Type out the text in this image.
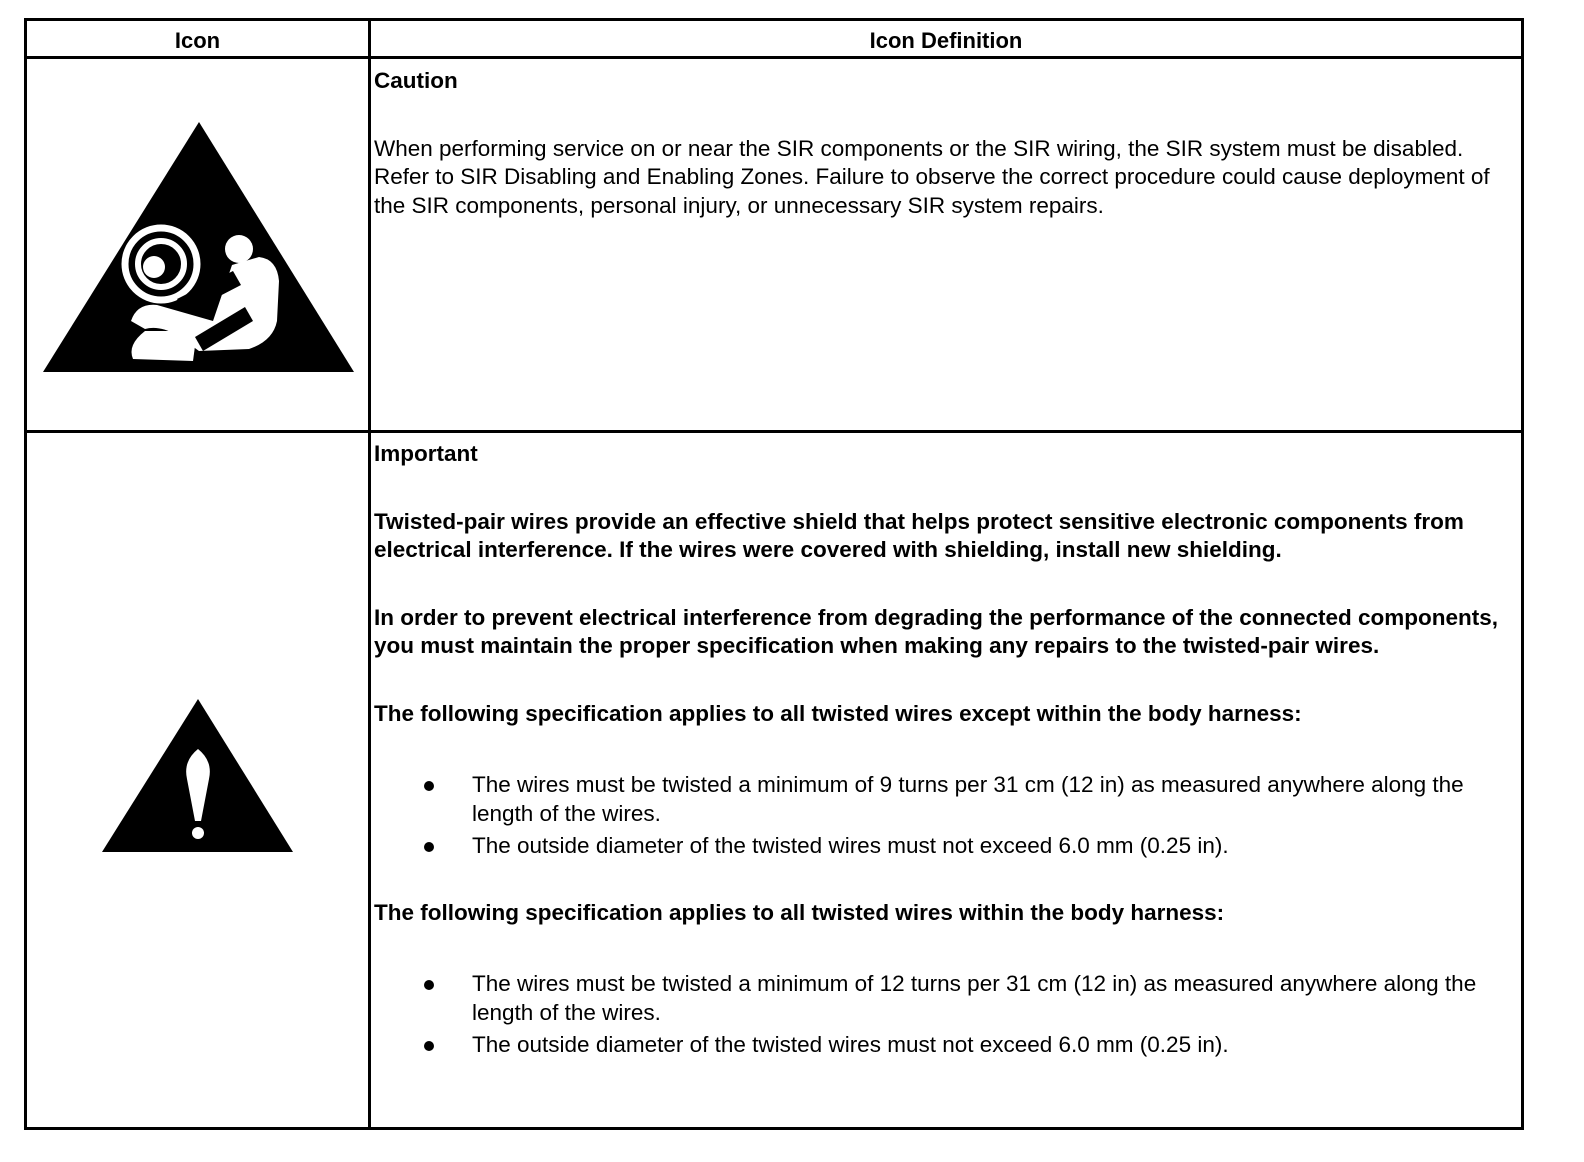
Icon	Icon Definition

Caution

When performing service on or near the SIR components or the SIR wiring, the SIR system must be disabled. Refer to SIR Disabling and Enabling Zones. Failure to observe the correct procedure could cause deployment of the SIR components, personal injury, or unnecessary SIR system repairs.

Important

Twisted-pair wires provide an effective shield that helps protect sensitive electronic components from electrical interference. If the wires were covered with shielding, install new shielding.

In order to prevent electrical interference from degrading the performance of the connected components, you must maintain the proper specification when making any repairs to the twisted-pair wires.

The following specification applies to all twisted wires except within the body harness:

The wires must be twisted a minimum of 9 turns per 31 cm (12 in) as measured anywhere along the length of the wires.
The outside diameter of the twisted wires must not exceed 6.0 mm (0.25 in).

The following specification applies to all twisted wires within the body harness:

The wires must be twisted a minimum of 12 turns per 31 cm (12 in) as measured anywhere along the length of the wires.
The outside diameter of the twisted wires must not exceed 6.0 mm (0.25 in).
